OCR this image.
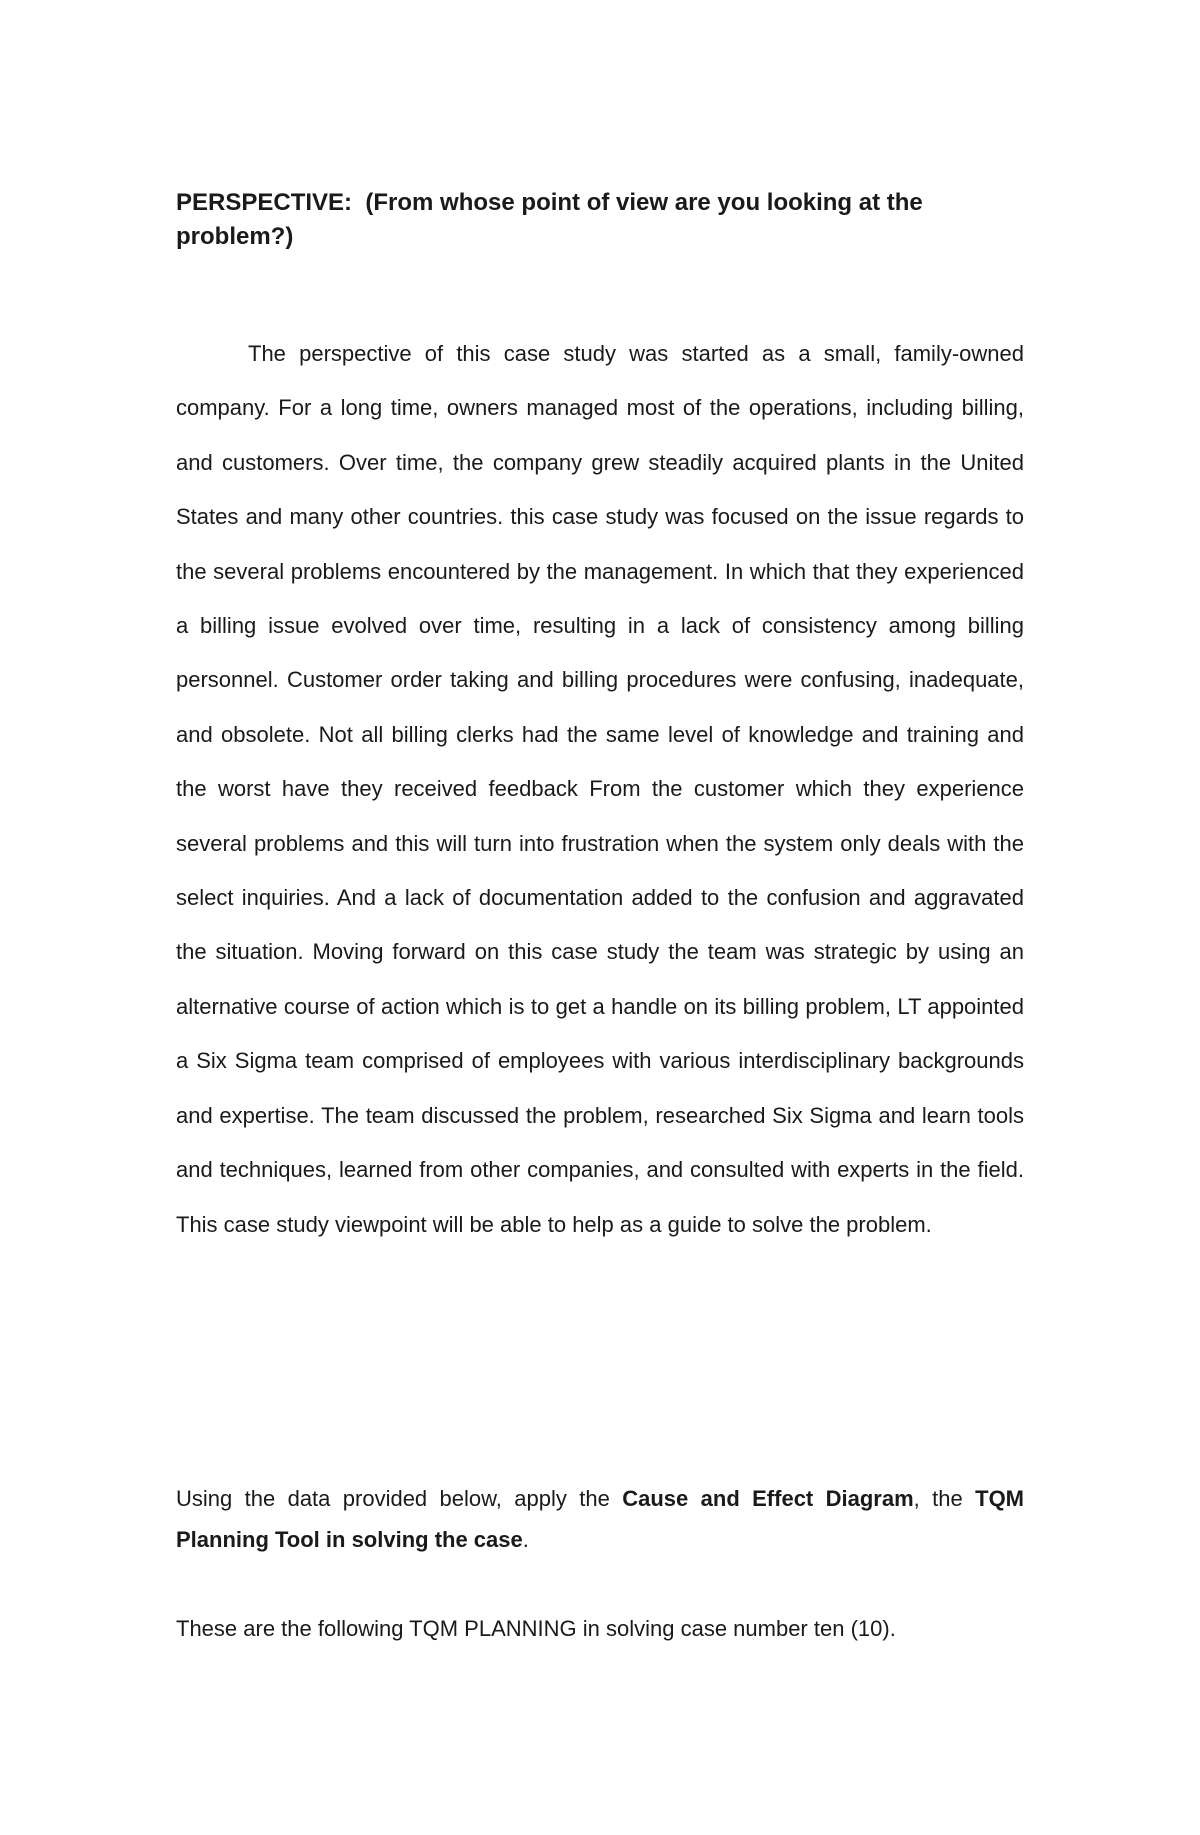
PERSPECTIVE: (From whose point of view are you looking at the problem?)

The perspective of this case study was started as a small, family-owned company. For a long time, owners managed most of the operations, including billing, and customers. Over time, the company grew steadily acquired plants in the United States and many other countries. this case study was focused on the issue regards to the several problems encountered by the management. In which that they experienced a billing issue evolved over time, resulting in a lack of consistency among billing personnel. Customer order taking and billing procedures were confusing, inadequate, and obsolete. Not all billing clerks had the same level of knowledge and training and the worst have they received feedback From the customer which they experience several problems and this will turn into frustration when the system only deals with the select inquiries. And a lack of documentation added to the confusion and aggravated the situation. Moving forward on this case study the team was strategic by using an alternative course of action which is to get a handle on its billing problem, LT appointed a Six Sigma team comprised of employees with various interdisciplinary backgrounds and expertise. The team discussed the problem, researched Six Sigma and learn tools and techniques, learned from other companies, and consulted with experts in the field. This case study viewpoint will be able to help as a guide to solve the problem.

Using the data provided below, apply the Cause and Effect Diagram, the TQM Planning Tool in solving the case.

These are the following TQM PLANNING in solving case number ten (10).
